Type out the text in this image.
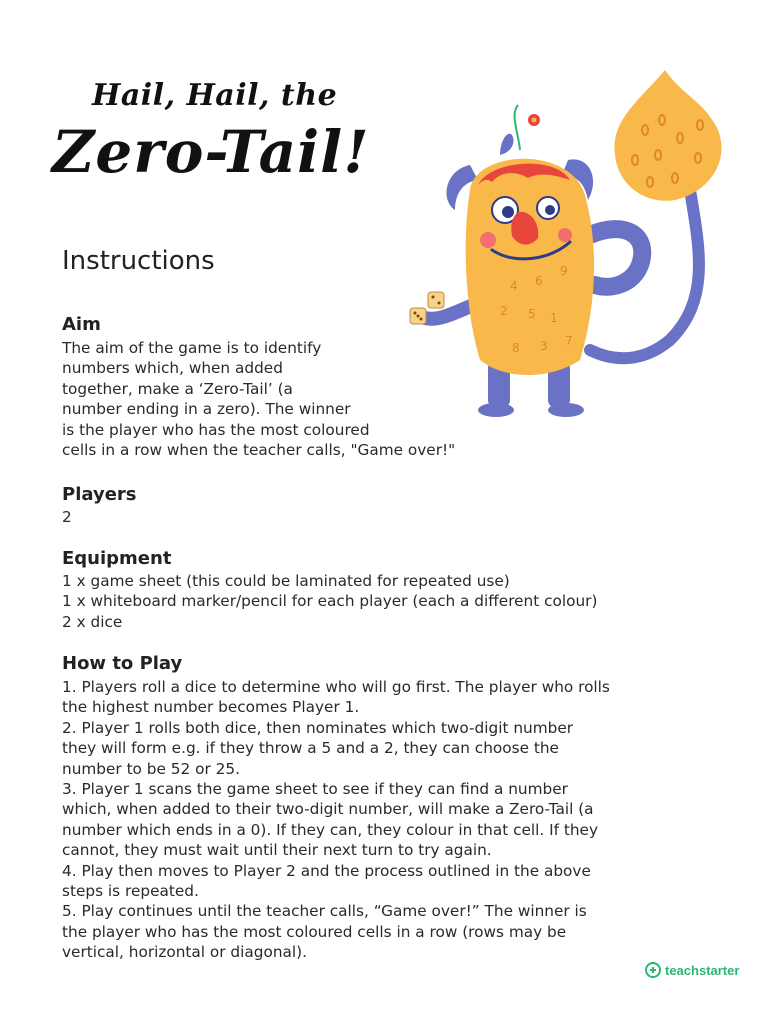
Hail, Hail, the
Zero-Tail!
Instructions
Aim
The aim of the game is to identify
numbers which, when added
together, make a ‘Zero-Tail’ (a
number ending in a zero). The winner
is the player who has the most coloured
cells in a row when the teacher calls, "Game over!"
Players
2
Equipment
1 x game sheet (this could be laminated for repeated use)
1 x whiteboard marker/pencil for each player (each a different colour)
2 x dice
How to Play
1. Players roll a dice to determine who will go first. The player who rolls
the highest number becomes Player 1.
2. Player 1 rolls both dice, then nominates which two-digit number
they will form e.g. if they throw a 5 and a 2, they can choose the
number to be 52 or 25.
3. Player 1 scans the game sheet to see if they can find a number
which, when added to their two-digit number, will make a Zero-Tail (a
number which ends in a 0). If they can, they colour in that cell. If they
cannot, they must wait until their next turn to try again.
4. Play then moves to Player 2 and the process outlined in the above
steps is repeated.
5. Play continues until the teacher calls, “Game over!” The winner is
the player who has the most coloured cells in a row (rows may be
vertical, horizontal or diagonal).
4 6
9
2 5 1
8 3 7
teachstarter
